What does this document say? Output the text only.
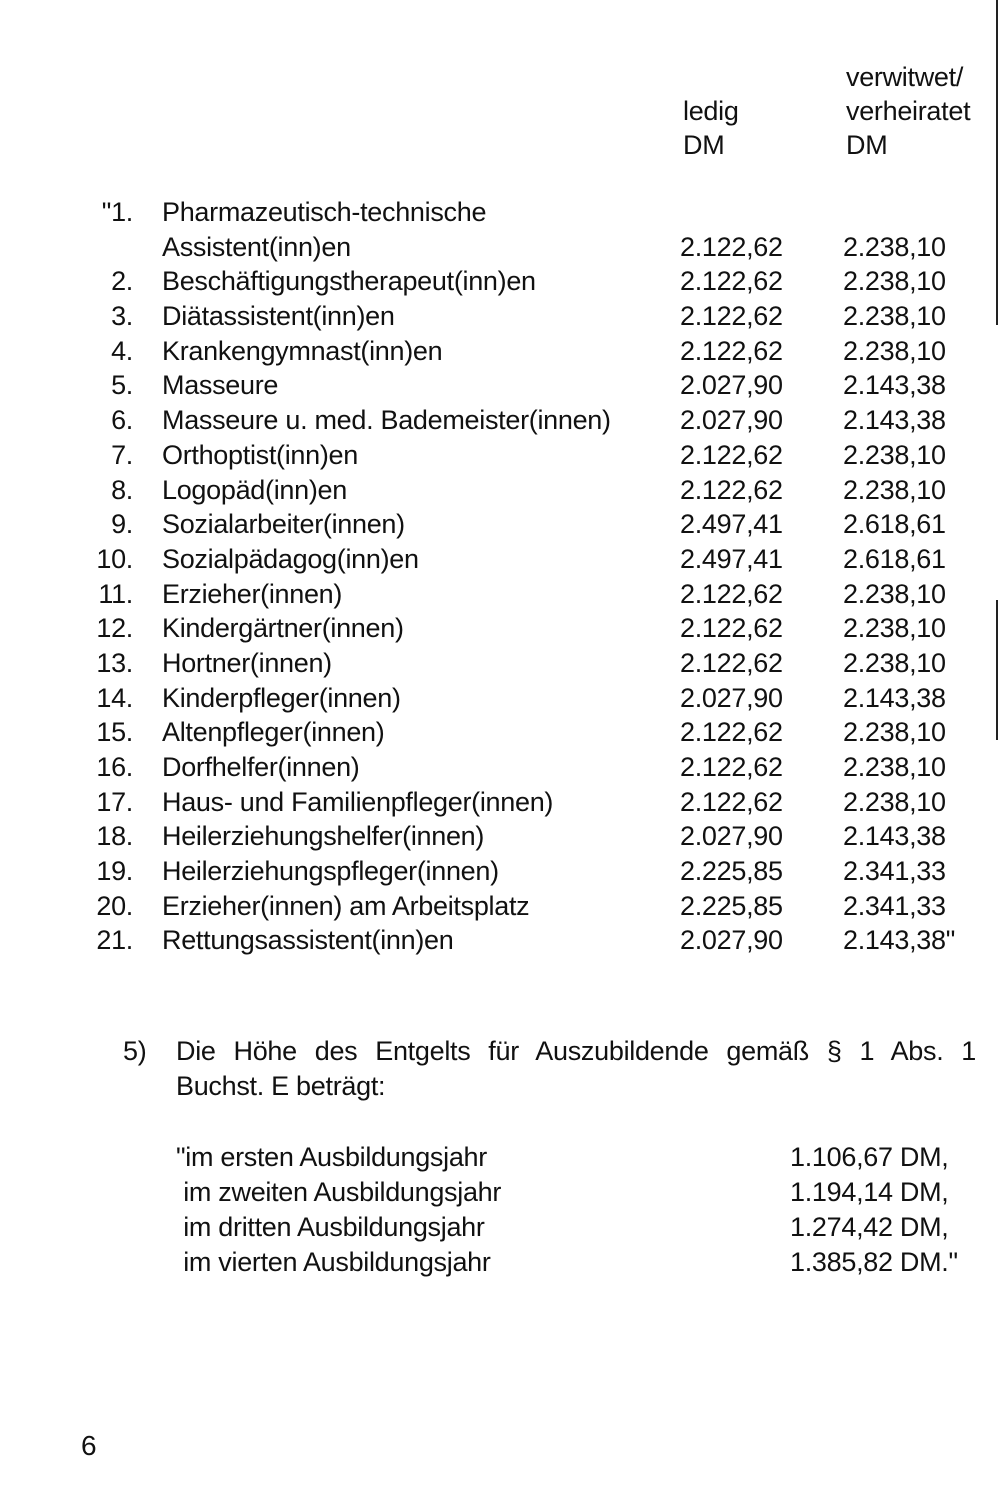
ledig
DM
verwitwet/
verheiratet
DM
"1. Pharmazeutisch-technische
Assistent(inn)en	2.122,62 2.238,10
2. Beschäftigungstherapeut(inn)en	2.122,62 2.238,10
3. Diätassistent(inn)en	2.122,62 2.238,10
4. Krankengymnast(inn)en	2.122,62 2.238,10
5. Masseure	2.027,90 2.143,38
6. Masseure u. med. Bademeister(innen)	2.027,90 2.143,38
7. Orthoptist(inn)en	2.122,62 2.238,10
8. Logopäd(inn)en	2.122,62 2.238,10
9. Sozialarbeiter(innen)	2.497,41 2.618,61
10. Sozialpädagog(inn)en	2.497,41 2.618,61
11. Erzieher(innen)	2.122,62 2.238,10
12. Kindergärtner(innen)	2.122,62 2.238,10
13. Hortner(innen)	2.122,62 2.238,10
14. Kinderpfleger(innen)	2.027,90 2.143,38
15. Altenpfleger(innen)	2.122,62 2.238,10
16. Dorfhelfer(innen)	2.122,62 2.238,10
17. Haus- und Familienpfleger(innen)	2.122,62 2.238,10
18. Heilerziehungshelfer(innen)	2.027,90 2.143,38
19. Heilerziehungspfleger(innen)	2.225,85 2.341,33
20. Erzieher(innen) am Arbeitsplatz	2.225,85 2.341,33
21. Rettungsassistent(inn)en	2.027,90 2.143,38"
5) Die Höhe des Entgelts für Auszubildende gemäß § 1 Abs. 1
Buchst. E beträgt:
"im ersten Ausbildungsjahr	1.106,67 DM,
im zweiten Ausbildungsjahr	1.194,14 DM,
im dritten Ausbildungsjahr	1.274,42 DM,
im vierten Ausbildungsjahr	1.385,82 DM."
6
